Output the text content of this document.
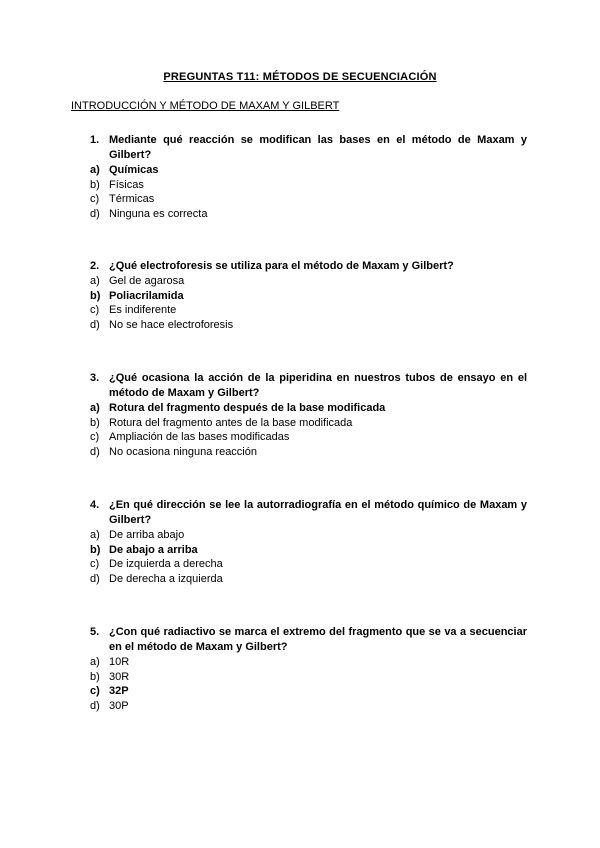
PREGUNTAS T11: MÉTODOS DE SECUENCIACIÓN
INTRODUCCIÓN Y MÉTODO DE MAXAM Y GILBERT
1. Mediante qué reacción se modifican las bases en el método de Maxam y Gilbert?
a) Químicas
b) Físicas
c) Térmicas
d) Ninguna es correcta
2. ¿Qué electroforesis se utiliza para el método de Maxam y Gilbert?
a) Gel de agarosa
b) Poliacrilamida
c) Es indiferente
d) No se hace electroforesis
3. ¿Qué ocasiona la acción de la piperidina en nuestros tubos de ensayo en el método de Maxam y Gilbert?
a) Rotura del fragmento después de la base modificada
b) Rotura del fragmento antes de la base modificada
c) Ampliación de las bases modificadas
d) No ocasiona ninguna reacción
4. ¿En qué dirección se lee la autorradiografía en el método químico de Maxam y Gilbert?
a) De arriba abajo
b) De abajo a arriba
c) De izquierda a derecha
d) De derecha a izquierda
5. ¿Con qué radiactivo se marca el extremo del fragmento que se va a secuenciar en el método de Maxam y Gilbert?
a) 10R
b) 30R
c) 32P
d) 30P
